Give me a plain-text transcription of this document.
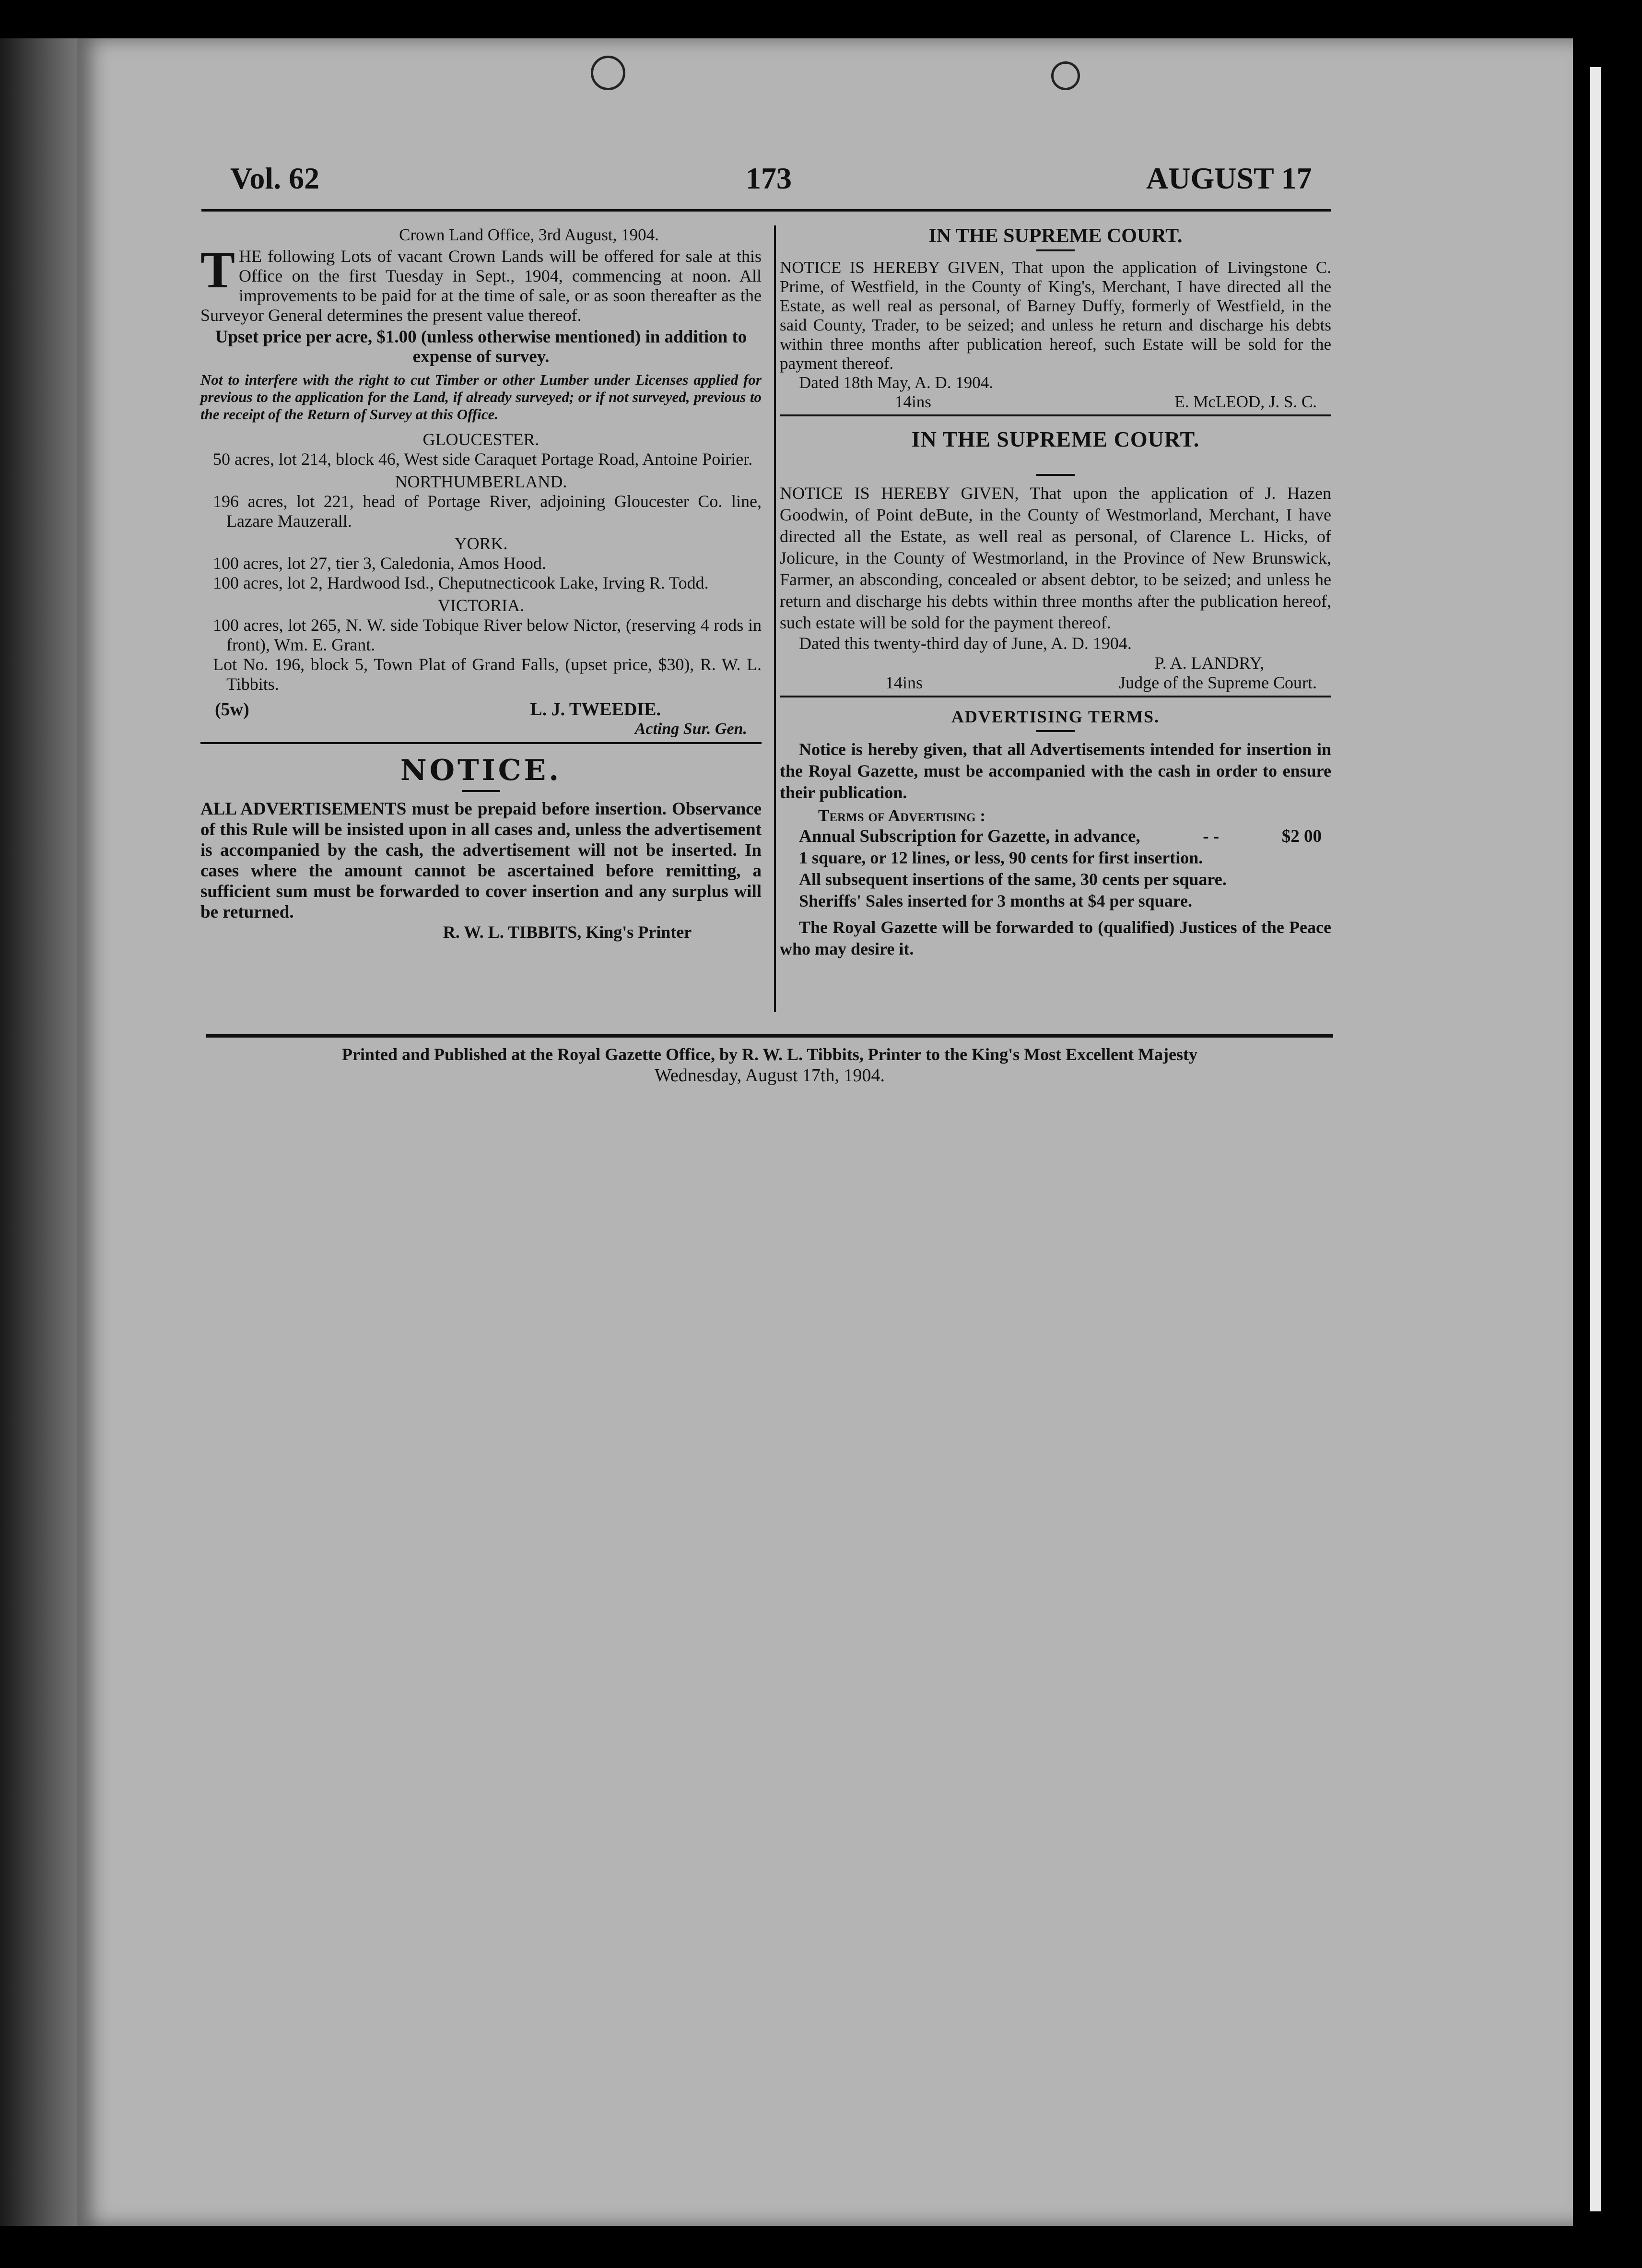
Vol. 62	173	AUGUST 17

Crown Land Office, 3rd August, 1904.

T HE following Lots of vacant Crown Lands will be offered for sale at this Office on the first Tuesday in Sept., 1904, commencing at noon. All improvements to be paid for at the time of sale, or as soon thereafter as the Surveyor General determines the present value thereof.

Upset price per acre, $1.00 (unless otherwise mentioned) in addition to expense of survey.

Not to interfere with the right to cut Timber or other Lumber under Licenses applied for previous to the application for the Land, if already surveyed; or if not surveyed, previous to the receipt of the Return of Survey at this Office.

GLOUCESTER.

50 acres, lot 214, block 46, West side Caraquet Portage Road, Antoine Poirier.

NORTHUMBERLAND.

196 acres, lot 221, head of Portage River, adjoining Gloucester Co. line, Lazare Mauzerall.

YORK.

100 acres, lot 27, tier 3, Caledonia, Amos Hood.

100 acres, lot 2, Hardwood Isd., Cheputnecticook Lake, Irving R. Todd.

VICTORIA.

100 acres, lot 265, N. W. side Tobique River below Nictor, (reserving 4 rods in front), Wm. E. Grant.

Lot No. 196, block 5, Town Plat of Grand Falls, (upset price, $30), R. W. L. Tibbits.

(5w)	L. J. TWEEDIE.
Acting Sur. Gen.
NOTICE.

ALL ADVERTISEMENTS must be prepaid before insertion. Observance of this Rule will be insisted upon in all cases and, unless the advertisement is accompanied by the cash, the advertisement will not be inserted. In cases where the amount cannot be ascertained before remitting, a sufficient sum must be forwarded to cover insertion and any surplus will be returned.

R. W. L. TIBBITS, King's Printer

IN THE SUPREME COURT.

NOTICE IS HEREBY GIVEN, That upon the application of Livingstone C. Prime, of Westfield, in the County of King's, Merchant, I have directed all the Estate, as well real as personal, of Barney Duffy, formerly of Westfield, in the said County, Trader, to be seized; and unless he return and discharge his debts within three months after publication hereof, such Estate will be sold for the payment thereof.

Dated 18th May, A. D. 1904.

14ins	E. McLEOD, J. S. C.

IN THE SUPREME COURT.

NOTICE IS HEREBY GIVEN, That upon the application of J. Hazen Goodwin, of Point deBute, in the County of Westmorland, Merchant, I have directed all the Estate, as well real as personal, of Clarence L. Hicks, of Jolicure, in the County of Westmorland, in the Province of New Brunswick, Farmer, an absconding, concealed or absent debtor, to be seized; and unless he return and discharge his debts within three months after the publication hereof, such estate will be sold for the payment thereof.

Dated this twenty-third day of June, A. D. 1904.

P. A. LANDRY,
14ins	Judge of the Supreme Court.

ADVERTISING TERMS.

Notice is hereby given, that all Advertisements intended for insertion in the Royal Gazette, must be accompanied with the cash in order to ensure their publication.

Terms of Advertising :

Annual Subscription for Gazette, in advance,	- -	$2 00

1 square, or 12 lines, or less, 90 cents for first insertion.

All subsequent insertions of the same, 30 cents per square.

Sheriffs' Sales inserted for 3 months at $4 per square.

The Royal Gazette will be forwarded to (qualified) Justices of the Peace who may desire it.

Printed and Published at the Royal Gazette Office, by R. W. L. Tibbits, Printer to the King's Most Excellent Majesty

Wednesday, August 17th, 1904.
